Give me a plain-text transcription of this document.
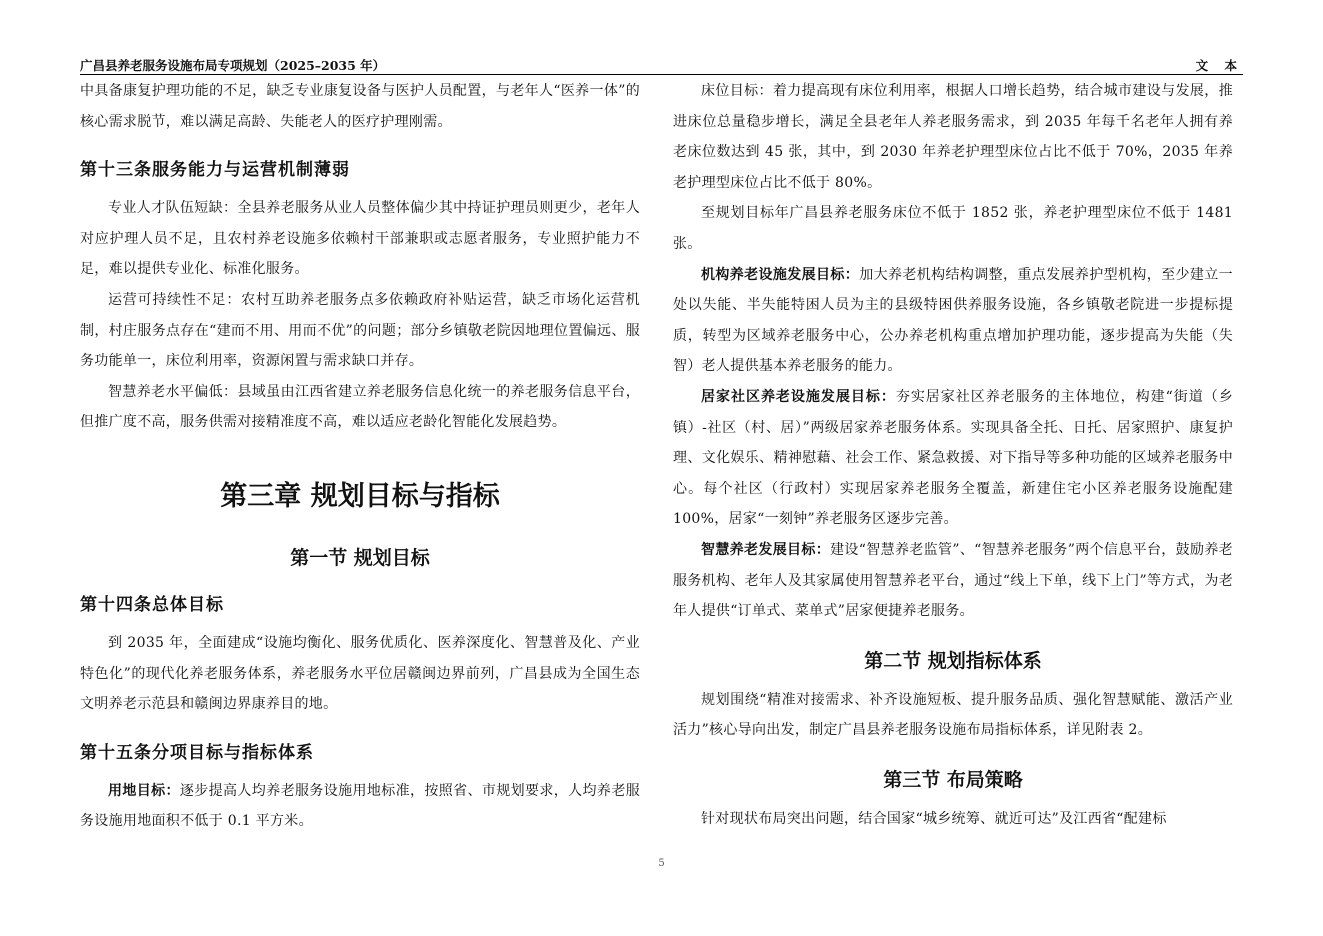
广昌县养老服务设施布局专项规划（2025–2035 年）	文 本

中具备康复护理功能的不足，缺乏专业康复设备与医护人员配置，与老年人“医养一体”的核心需求脱节，难以满足高龄、失能老人的医疗护理刚需。

第十三条服务能力与运营机制薄弱

专业人才队伍短缺：全县养老服务从业人员整体偏少其中持证护理员则更少，老年人对应护理人员不足，且农村养老设施多依赖村干部兼职或志愿者服务，专业照护能力不足，难以提供专业化、标准化服务。

运营可持续性不足：农村互助养老服务点多依赖政府补贴运营，缺乏市场化运营机制，村庄服务点存在“建而不用、用而不优”的问题；部分乡镇敬老院因地理位置偏远、服务功能单一，床位利用率，资源闲置与需求缺口并存。

智慧养老水平偏低：县域虽由江西省建立养老服务信息化统一的养老服务信息平台，但推广度不高，服务供需对接精准度不高，难以适应老龄化智能化发展趋势。

第三章 规划目标与指标
第一节 规划目标
第十四条总体目标

到 2035 年，全面建成“设施均衡化、服务优质化、医养深度化、智慧普及化、产业特色化”的现代化养老服务体系，养老服务水平位居赣闽边界前列，广昌县成为全国生态文明养老示范县和赣闽边界康养目的地。

第十五条分项目标与指标体系

用地目标：逐步提高人均养老服务设施用地标准，按照省、市规划要求，人均养老服务设施用地面积不低于 0.1 平方米。

床位目标：着力提高现有床位利用率，根据人口增长趋势，结合城市建设与发展，推进床位总量稳步增长，满足全县老年人养老服务需求，到 2035 年每千名老年人拥有养老床位数达到 45 张，其中，到 2030 年养老护理型床位占比不低于 70%，2035 年养老护理型床位占比不低于 80%。

至规划目标年广昌县养老服务床位不低于 1852 张，养老护理型床位不低于 1481 张。

机构养老设施发展目标：加大养老机构结构调整，重点发展养护型机构，至少建立一处以失能、半失能特困人员为主的县级特困供养服务设施，各乡镇敬老院进一步提标提质，转型为区域养老服务中心，公办养老机构重点增加护理功能，逐步提高为失能（失智）老人提供基本养老服务的能力。

居家社区养老设施发展目标：夯实居家社区养老服务的主体地位，构建“街道（乡镇）-社区（村、居）”两级居家养老服务体系。实现具备全托、日托、居家照护、康复护理、文化娱乐、精神慰藉、社会工作、紧急救援、对下指导等多种功能的区域养老服务中心。每个社区（行政村）实现居家养老服务全覆盖，新建住宅小区养老服务设施配建 100%，居家“一刻钟”养老服务区逐步完善。

智慧养老发展目标：建设“智慧养老监管”、“智慧养老服务”两个信息平台，鼓励养老服务机构、老年人及其家属使用智慧养老平台，通过“线上下单，线下上门”等方式，为老年人提供“订单式、菜单式”居家便捷养老服务。

第二节 规划指标体系

规划围绕“精准对接需求、补齐设施短板、提升服务品质、强化智慧赋能、激活产业活力”核心导向出发，制定广昌县养老服务设施布局指标体系，详见附表 2。

第三节 布局策略

针对现状布局突出问题，结合国家“城乡统筹、就近可达”及江西省“配建标

5
